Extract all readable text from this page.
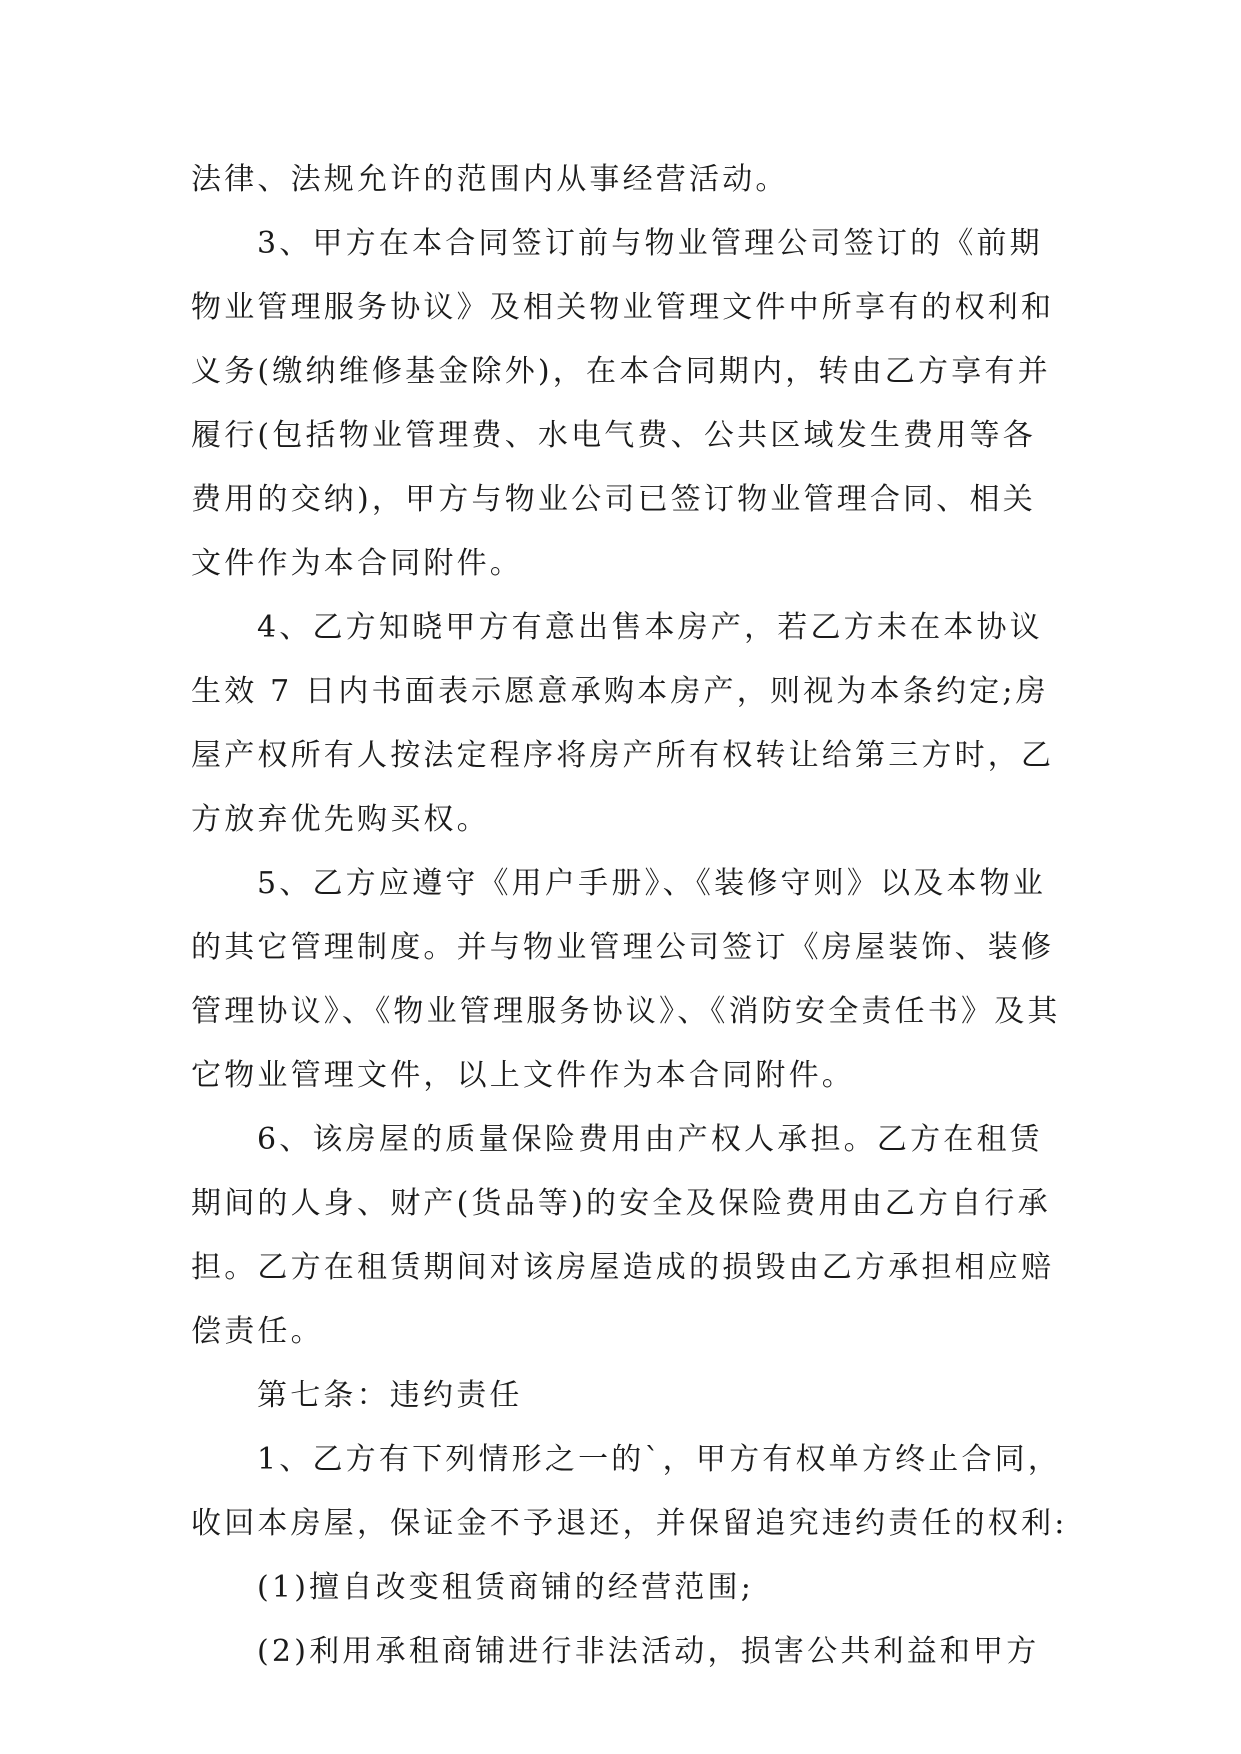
法律、法规允许的范围内从事经营活动。
3、甲方在本合同签订前与物业管理公司签订的《前期
物业管理服务协议》及相关物业管理文件中所享有的权利和
义务(缴纳维修基金除外)，在本合同期内，转由乙方享有并
履行(包括物业管理费、水电气费、公共区域发生费用等各
费用的交纳)，甲方与物业公司已签订物业管理合同、相关
文件作为本合同附件。
4、乙方知晓甲方有意出售本房产，若乙方未在本协议
生效 7 日内书面表示愿意承购本房产，则视为本条约定;房
屋产权所有人按法定程序将房产所有权转让给第三方时，乙
方放弃优先购买权。
5、乙方应遵守《用户手册》、《装修守则》以及本物业
的其它管理制度。并与物业管理公司签订《房屋装饰、装修
管理协议》、《物业管理服务协议》、《消防安全责任书》及其
它物业管理文件，以上文件作为本合同附件。
6、该房屋的质量保险费用由产权人承担。乙方在租赁
期间的人身、财产(货品等)的安全及保险费用由乙方自行承
担。乙方在租赁期间对该房屋造成的损毁由乙方承担相应赔
偿责任。
第七条：违约责任
1、乙方有下列情形之一的`，甲方有权单方终止合同，
收回本房屋，保证金不予退还，并保留追究违约责任的权利:
(1)擅自改变租赁商铺的经营范围;
(2)利用承租商铺进行非法活动，损害公共利益和甲方
